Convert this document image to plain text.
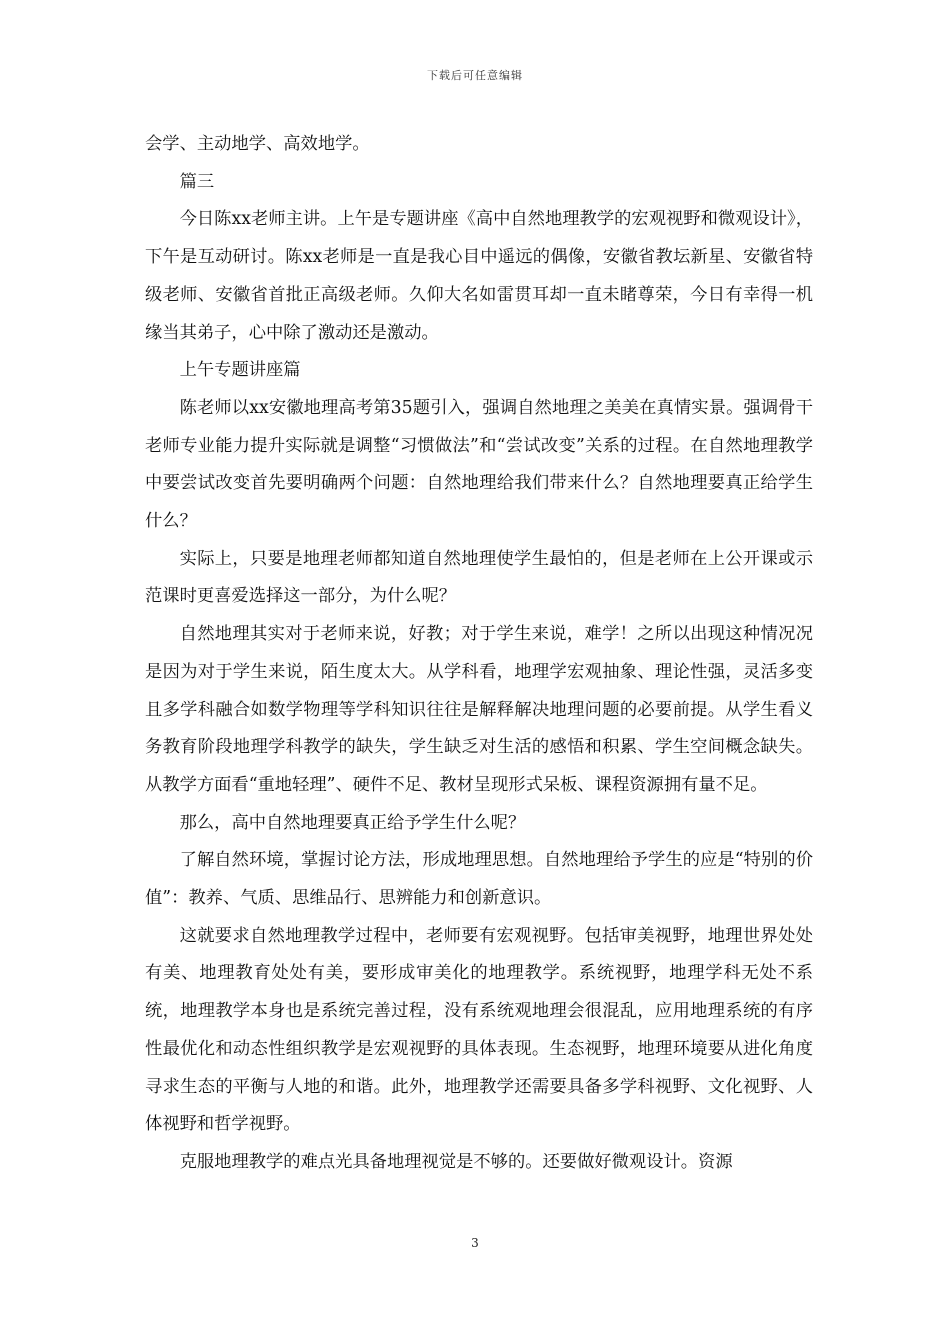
下载后可任意编辑

会学、主动地学、高效地学。

篇三

今日陈xx老师主讲。上午是专题讲座《高中自然地理教学的宏观视野和微观设计》，下午是互动研讨。陈xx老师是一直是我心目中遥远的偶像，安徽省教坛新星、安徽省特级老师、安徽省首批正高级老师。久仰大名如雷贯耳却一直未睹尊荣，今日有幸得一机缘当其弟子，心中除了激动还是激动。

上午专题讲座篇

陈老师以xx安徽地理高考第35题引入，强调自然地理之美美在真情实景。强调骨干老师专业能力提升实际就是调整“习惯做法”和“尝试改变”关系的过程。在自然地理教学中要尝试改变首先要明确两个问题：自然地理给我们带来什么？自然地理要真正给学生什么？

实际上，只要是地理老师都知道自然地理使学生最怕的，但是老师在上公开课或示范课时更喜爱选择这一部分，为什么呢？

自然地理其实对于老师来说，好教；对于学生来说，难学！之所以出现这种情况况是因为对于学生来说，陌生度太大。从学科看，地理学宏观抽象、理论性强，灵活多变且多学科融合如数学物理等学科知识往往是解释解决地理问题的必要前提。从学生看义务教育阶段地理学科教学的缺失，学生缺乏对生活的感悟和积累、学生空间概念缺失。从教学方面看“重地轻理”、硬件不足、教材呈现形式呆板、课程资源拥有量不足。

那么，高中自然地理要真正给予学生什么呢？

了解自然环境，掌握讨论方法，形成地理思想。自然地理给予学生的应是“特别的价值”：教养、气质、思维品行、思辨能力和创新意识。

这就要求自然地理教学过程中，老师要有宏观视野。包括审美视野，地理世界处处有美、地理教育处处有美，要形成审美化的地理教学。系统视野，地理学科无处不系统，地理教学本身也是系统完善过程，没有系统观地理会很混乱，应用地理系统的有序性最优化和动态性组织教学是宏观视野的具体表现。生态视野，地理环境要从进化角度寻求生态的平衡与人地的和谐。此外，地理教学还需要具备多学科视野、文化视野、人体视野和哲学视野。

克服地理教学的难点光具备地理视觉是不够的。还要做好微观设计。资源

3
